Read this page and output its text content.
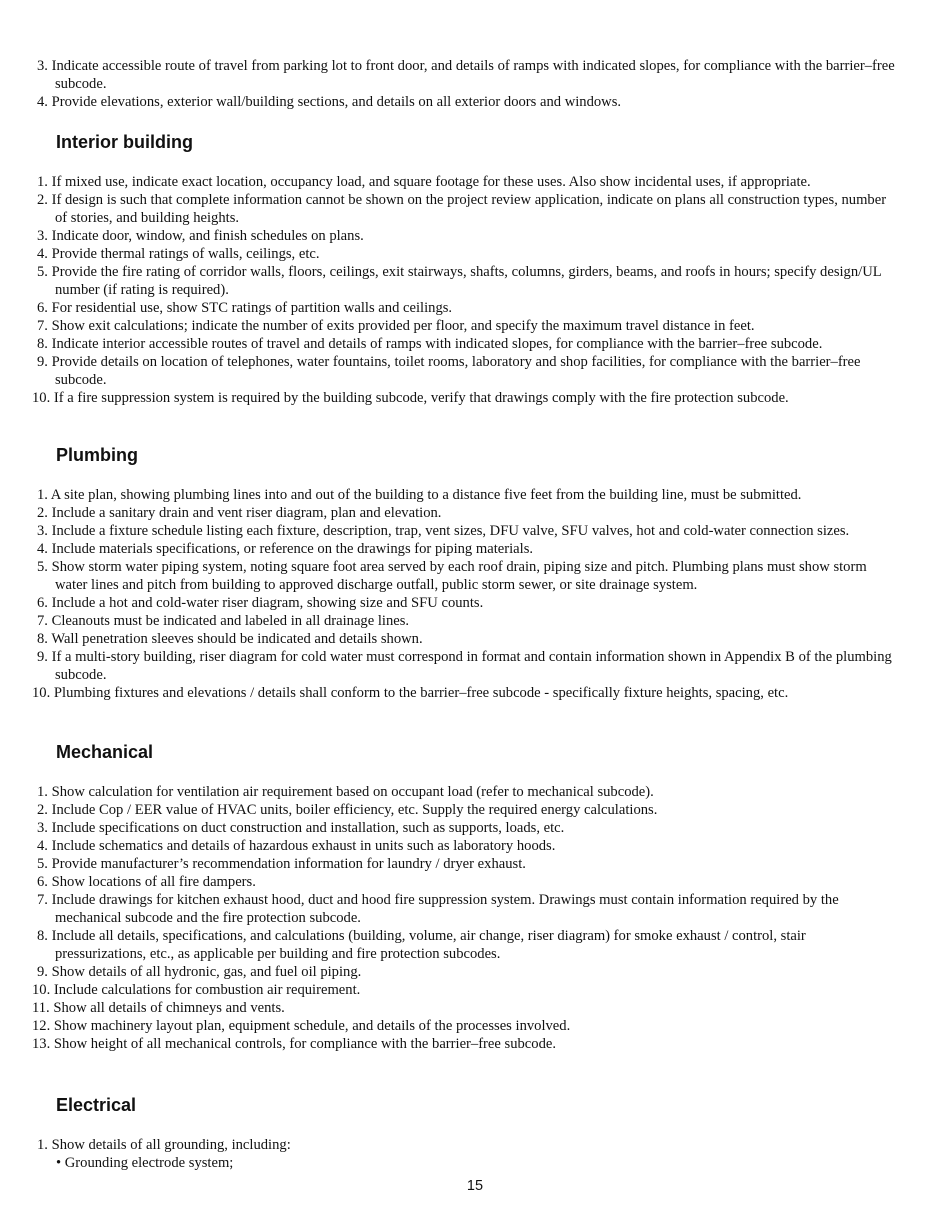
3. Indicate accessible route of travel from parking lot to front door, and details of ramps with indicated slopes, for compliance with the barrier–free subcode.
4. Provide elevations, exterior wall/building sections, and details on all exterior doors and windows.
Interior building
1. If mixed use, indicate exact location, occupancy load, and square footage for these uses. Also show incidental uses, if appropriate.
2. If design is such that complete information cannot be shown on the project review application, indicate on plans all construction types, number of stories, and building heights.
3. Indicate door, window, and finish schedules on plans.
4. Provide thermal ratings of walls, ceilings, etc.
5. Provide the fire rating of corridor walls, floors, ceilings, exit stairways, shafts, columns, girders, beams, and roofs in hours; specify design/UL number (if rating is required).
6. For residential use, show STC ratings of partition walls and ceilings.
7. Show exit calculations; indicate the number of exits provided per floor, and specify the maximum travel distance in feet.
8. Indicate interior accessible routes of travel and details of ramps with indicated slopes, for compliance with the barrier–free subcode.
9. Provide details on location of telephones, water fountains, toilet rooms, laboratory and shop facilities, for compliance with the barrier–free subcode.
10. If a fire suppression system is required by the building subcode, verify that drawings comply with the fire protection subcode.
Plumbing
1. A site plan, showing plumbing lines into and out of the building to a distance five feet from the building line, must be submitted.
2. Include a sanitary drain and vent riser diagram, plan and elevation.
3. Include a fixture schedule listing each fixture, description, trap, vent sizes, DFU valve, SFU valves, hot and cold-water connection sizes.
4. Include materials specifications, or reference on the drawings for piping materials.
5. Show storm water piping system, noting square foot area served by each roof drain, piping size and pitch. Plumbing plans must show storm water lines and pitch from building to approved discharge outfall, public storm sewer, or site drainage system.
6. Include a hot and cold-water riser diagram, showing size and SFU counts.
7. Cleanouts must be indicated and labeled in all drainage lines.
8. Wall penetration sleeves should be indicated and details shown.
9. If a multi-story building, riser diagram for cold water must correspond in format and contain information shown in Appendix B of the plumbing subcode.
10. Plumbing fixtures and elevations / details shall conform to the barrier–free subcode - specifically fixture heights, spacing, etc.
Mechanical
1. Show calculation for ventilation air requirement based on occupant load (refer to mechanical subcode).
2. Include Cop / EER value of HVAC units, boiler efficiency, etc. Supply the required energy calculations.
3. Include specifications on duct construction and installation, such as supports, loads, etc.
4. Include schematics and details of hazardous exhaust in units such as laboratory hoods.
5. Provide manufacturer’s recommendation information for laundry / dryer exhaust.
6. Show locations of all fire dampers.
7. Include drawings for kitchen exhaust hood, duct and hood fire suppression system. Drawings must contain information required by the mechanical subcode and the fire protection subcode.
8. Include all details, specifications, and calculations (building, volume, air change, riser diagram) for smoke exhaust / control, stair pressurizations, etc., as applicable per building and fire protection subcodes.
9. Show details of all hydronic, gas, and fuel oil piping.
10. Include calculations for combustion air requirement.
11. Show all details of chimneys and vents.
12. Show machinery layout plan, equipment schedule, and details of the processes involved.
13. Show height of all mechanical controls, for compliance with the barrier–free subcode.
Electrical
1. Show details of all grounding, including:
• Grounding electrode system;
15
